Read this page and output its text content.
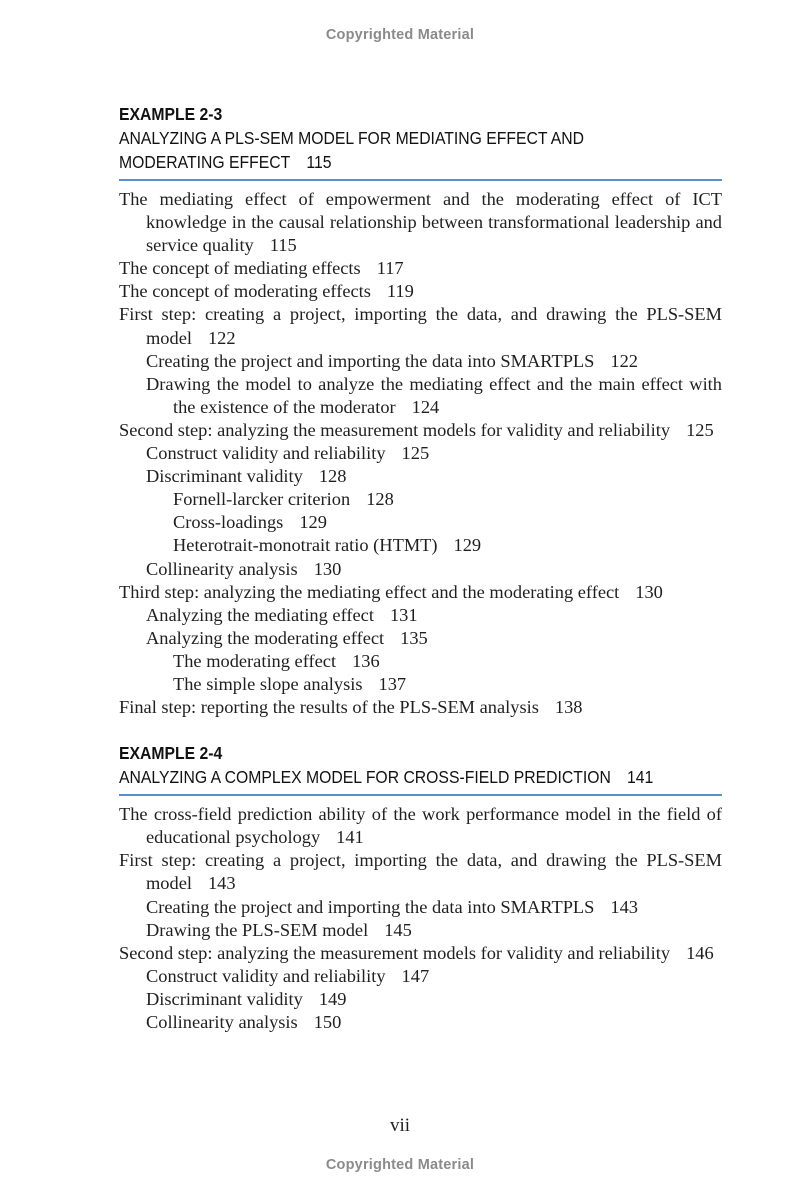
Copyrighted Material
EXAMPLE 2-3
ANALYZING A PLS-SEM MODEL FOR MEDIATING EFFECT AND
MODERATING EFFECT 115
The mediating effect of empowerment and the moderating effect of ICT knowledge in the causal relationship between transformational leadership and service quality 115
The concept of mediating effects 117
The concept of moderating effects 119
First step: creating a project, importing the data, and drawing the PLS-SEM model 122
Creating the project and importing the data into SMARTPLS 122
Drawing the model to analyze the mediating effect and the main effect with the existence of the moderator 124
Second step: analyzing the measurement models for validity and reliability 125
Construct validity and reliability 125
Discriminant validity 128
Fornell-larcker criterion 128
Cross-loadings 129
Heterotrait-monotrait ratio (HTMT) 129
Collinearity analysis 130
Third step: analyzing the mediating effect and the moderating effect 130
Analyzing the mediating effect 131
Analyzing the moderating effect 135
The moderating effect 136
The simple slope analysis 137
Final step: reporting the results of the PLS-SEM analysis 138
EXAMPLE 2-4
ANALYZING A COMPLEX MODEL FOR CROSS-FIELD PREDICTION 141
The cross-field prediction ability of the work performance model in the field of educational psychology 141
First step: creating a project, importing the data, and drawing the PLS-SEM model 143
Creating the project and importing the data into SMARTPLS 143
Drawing the PLS-SEM model 145
Second step: analyzing the measurement models for validity and reliability 146
Construct validity and reliability 147
Discriminant validity 149
Collinearity analysis 150
vii
Copyrighted Material
